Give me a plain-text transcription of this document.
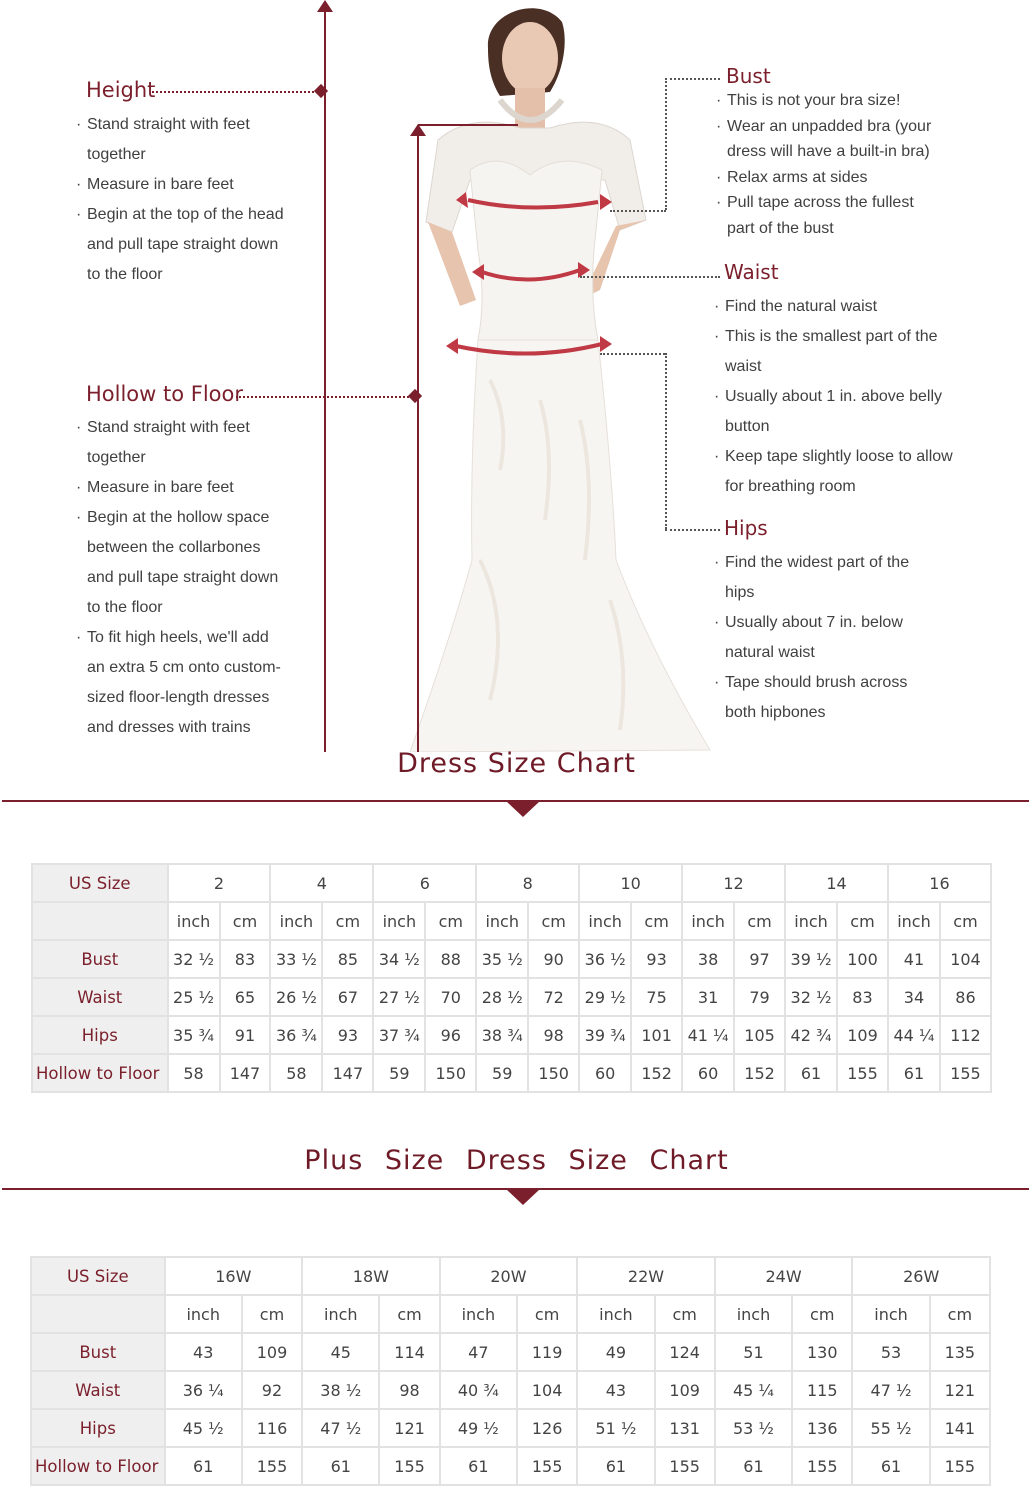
Height
· Stand straight with feet
together
· Measure in bare feet
· Begin at the top of the head
and pull tape straight down
to the floor
Hollow to Floor
· Stand straight with feet
together
· Measure in bare feet
· Begin at the hollow space
between the collarbones
and pull tape straight down
to the floor
· To fit high heels, we'll add
an extra 5 cm onto custom-
sized floor-length dresses
and dresses with trains
Bust
· This is not your bra size!
· Wear an unpadded bra (your
dress will have a built-in bra)
· Relax arms at sides
· Pull tape across the fullest
part of the bust
Waist
· Find the natural waist
· This is the smallest part of the
waist
· Usually about 1 in. above belly
button
· Keep tape slightly loose to allow
for breathing room
Hips
· Find the widest part of the
hips
· Usually about 7 in. below
natural waist
· Tape should brush across
both hipbones
Dress Size Chart
US Size	2		4		6		8		10		12		14		16	
	inch	cm	inch	cm	inch	cm	inch	cm	inch	cm	inch	cm	inch	cm	inch	cm
Bust	32 ½	83	33 ½	85	34 ½	88	35 ½	90	36 ½	93	38	97	39 ½	100	41	104
Waist	25 ½	65	26 ½	67	27 ½	70	28 ½	72	29 ½	75	31	79	32 ½	83	34	86
Hips	35 ¾	91	36 ¾	93	37 ¾	96	38 ¾	98	39 ¾	101	41 ¼	105	42 ¾	109	44 ¼	112
Hollow to Floor	58	147	58	147	59	150	59	150	60	152	60	152	61	155	61	155
Plus Size Dress Size Chart
US Size	16W		18W		20W		22W		24W		26W	
	inch	cm	inch	cm	inch	cm	inch	cm	inch	cm	inch	cm
Bust	43	109	45	114	47	119	49	124	51	130	53	135
Waist	36 ¼	92	38 ½	98	40 ¾	104	43	109	45 ¼	115	47 ½	121
Hips	45 ½	116	47 ½	121	49 ½	126	51 ½	131	53 ½	136	55 ½	141
Hollow to Floor	61	155	61	155	61	155	61	155	61	155	61	155
